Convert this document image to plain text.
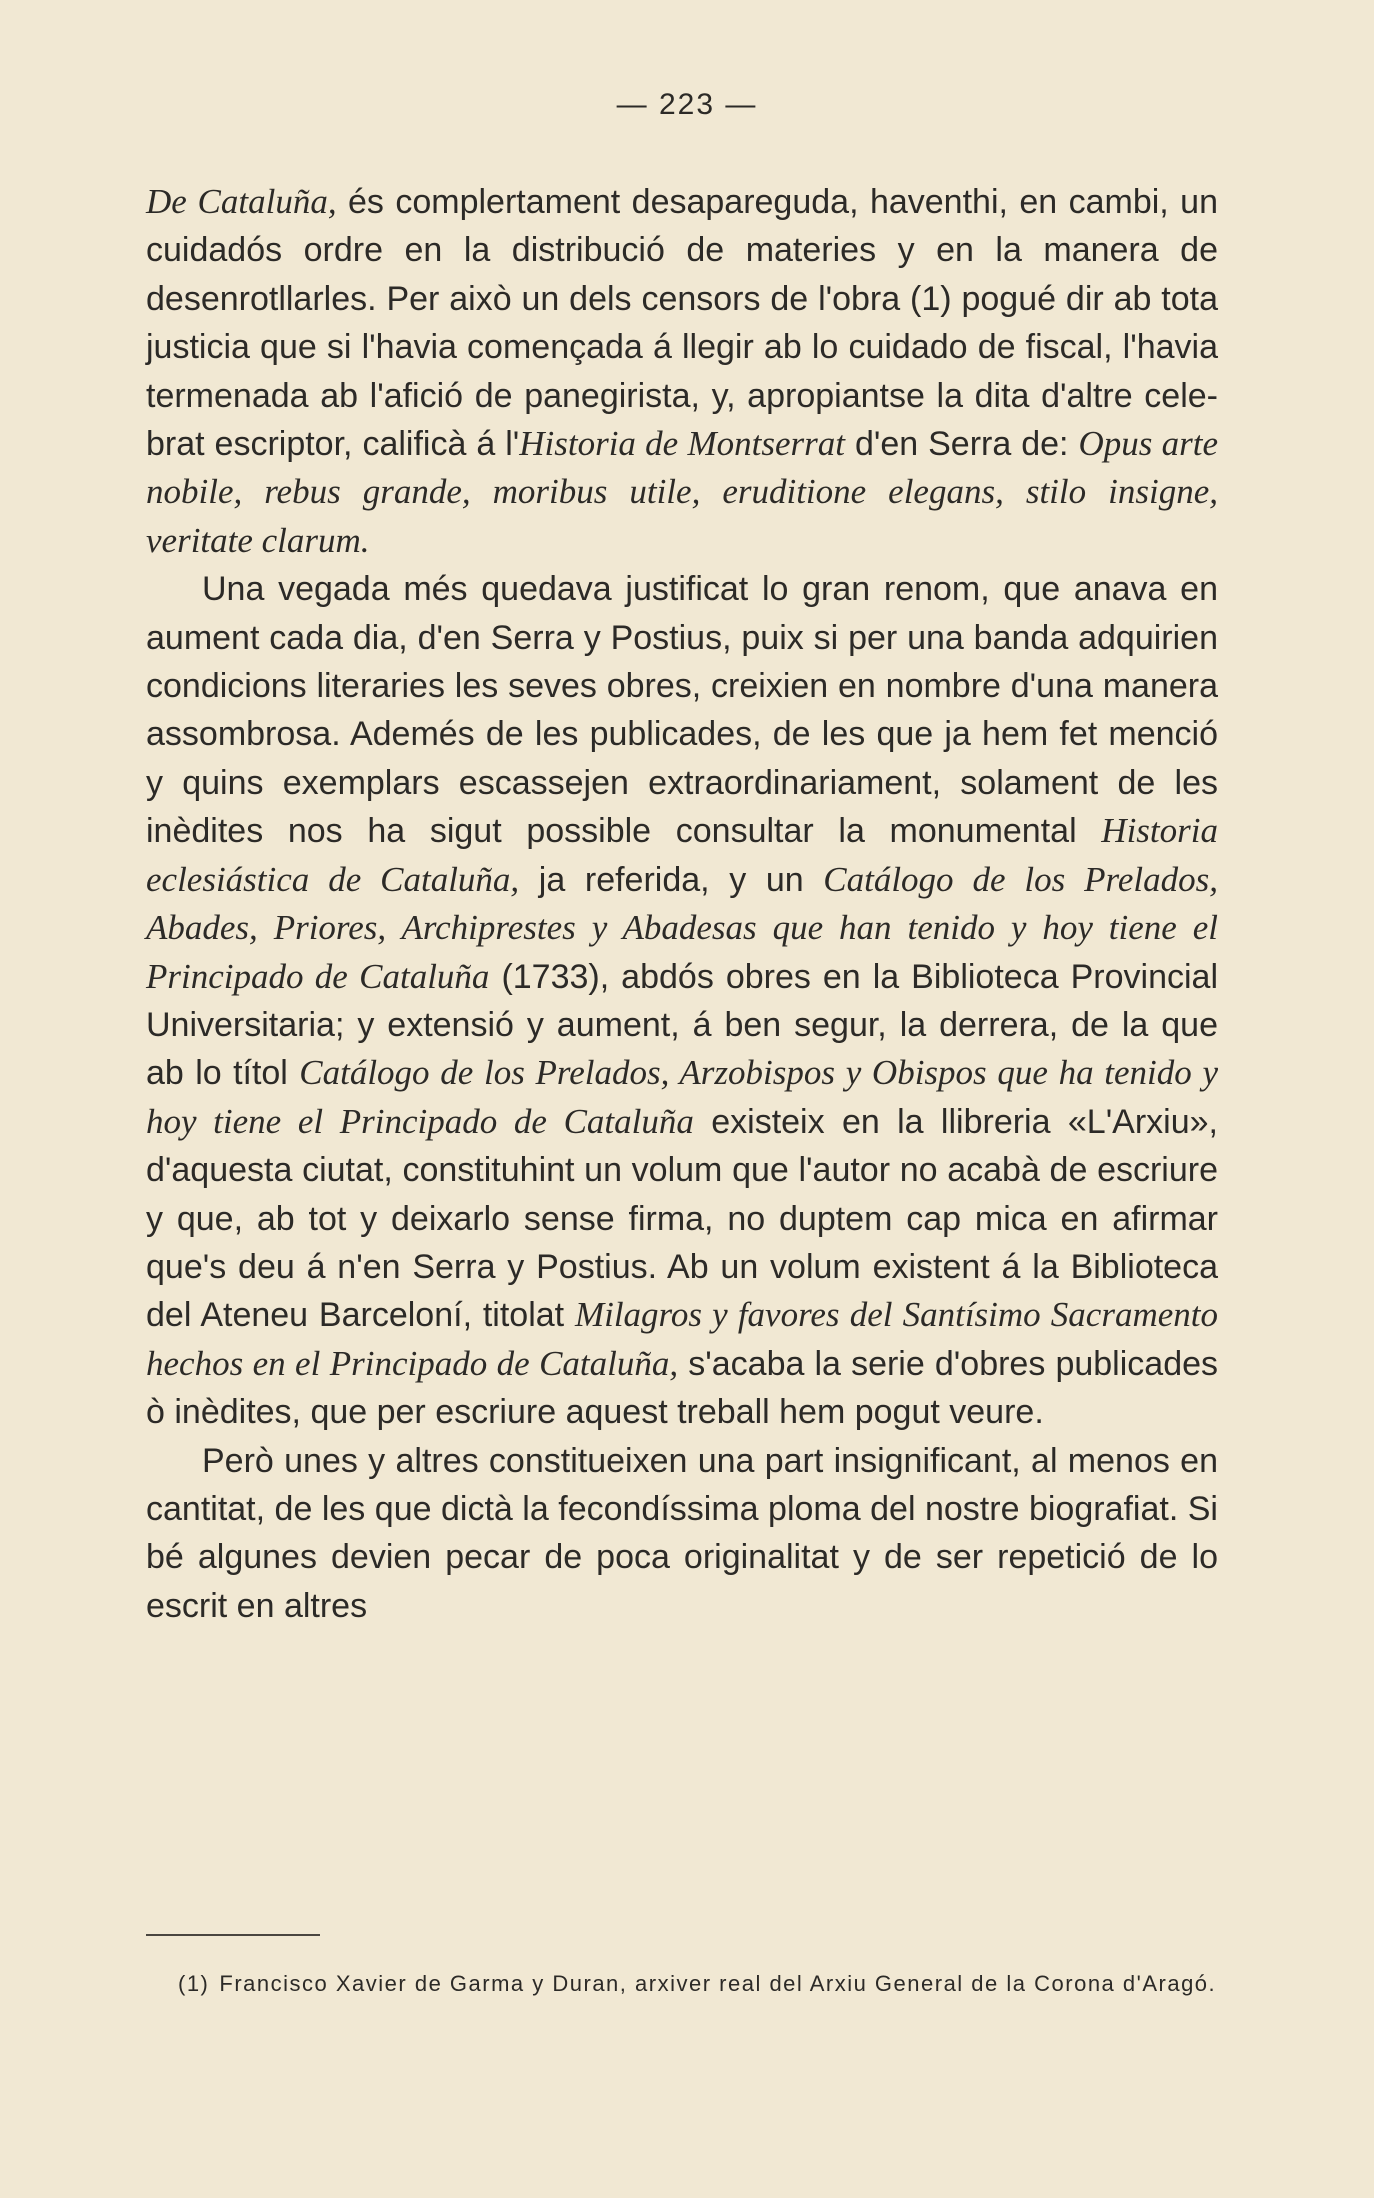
— 223 —

De Cataluña, és complertament desapareguda, haventhi, en cambi, un cuidadós ordre en la distribució de materies y en la manera de desenrotllarles. Per això un dels censors de l'obra (1) pogué dir ab tota justicia que si l'havia començada á llegir ab lo cuidado de fiscal, l'havia termenada ab l'afició de panegirista, y, apropiantse la dita d'altre celebrat escriptor, calificà á l'Historia de Montserrat d'en Serra de: Opus arte nobile, rebus grande, moribus utile, eruditione elegans, stilo insigne, veritate clarum.

Una vegada més quedava justificat lo gran renom, que anava en aument cada dia, d'en Serra y Postius, puix si per una banda adquirien condicions literaries les seves obres, creixien en nombre d'una manera assombrosa. Ademés de les publicades, de les que ja hem fet menció y quins exemplars escassejen extraordinariament, solament de les inèdites nos ha sigut possible consultar la monumental Historia eclesiástica de Cataluña, ja referida, y un Catálogo de los Prelados, Abades, Priores, Archiprestes y Abadesas que han tenido y hoy tiene el Principado de Cataluña (1733), abdós obres en la Biblioteca Provincial Universitaria; y extensió y aument, á ben segur, la derrera, de la que ab lo títol Catálogo de los Prelados, Arzobispos y Obispos que ha tenido y hoy tiene el Principado de Cataluña existeix en la llibreria «L'Arxiu», d'aquesta ciutat, constituhint un volum que l'autor no acabà de escriure y que, ab tot y deixarlo sense firma, no duptem cap mica en afirmar que's deu á n'en Serra y Postius. Ab un volum existent á la Biblioteca del Ateneu Barceloní, titolat Milagros y favores del Santísimo Sacramento hechos en el Principado de Cataluña, s'acaba la serie d'obres publicades ò inèdites, que per escriure aquest treball hem pogut veure.

Però unes y altres constitueixen una part insignificant, al menos en cantitat, de les que dictà la fecondíssima ploma del nostre biografiat. Si bé algunes devien pecar de poca originalitat y de ser repetició de lo escrit en altres

(1) Francisco Xavier de Garma y Duran, arxiver real del Arxiu General de la Corona d'Aragó.
